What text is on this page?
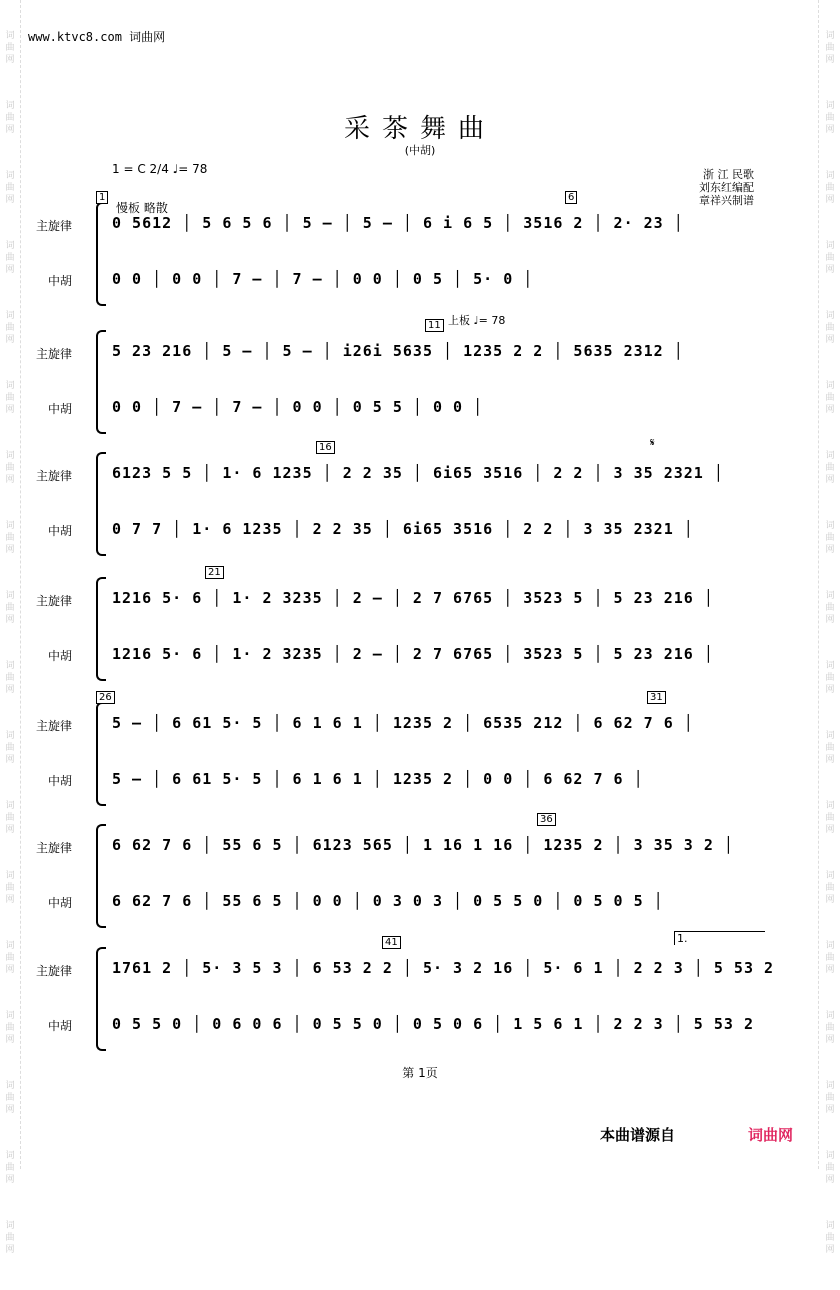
词
曲
网
词
曲
网
词
曲
网
词
曲
网
词
曲
网
词
曲
网
词
曲
网
词
曲
网
词
曲
网
词
曲
网
词
曲
网
词
曲
网
词
曲
网
词
曲
网
词
曲
网
词
曲
网
词
曲
网
词
曲
网
词
曲
网
词
曲
网
词
曲
网
词
曲
网
词
曲
网
词
曲
网
词
曲
网
词
曲
网
词
曲
网
词
曲
网
词
曲
网
词
曲
网
词
曲
网
词
曲
网
词
曲
网
词
曲
网
词
曲
网
词
曲
网
www.ktvc8.com 词曲网
采茶舞曲
(中胡)
1 = C 2/4 ♩= 78	浙 江 民歌
刘东红编配
章祥兴制谱
慢板 略散
主旋律
中胡
0 5612 │ 5 6 5 6 │ 5 – │ 5 – │ 6 i 6 5 │ 3516 2 │ 2· 23 │
0 0 │ 0 0 │ 7 – │ 7 – │ 0 0 │ 0 5 │ 5· 0 │
1	6
主旋律
中胡
5 23 216 │ 5 – │ 5 – │ i26i 5635 │ 1235 2 2 │ 5635 2312 │
0 0 │ 7 – │ 7 – │ 0 0 │ 0 5 5 │ 0 0 │
11
主旋律
中胡
6123 5 5 │ 1· 6 1235 │ 2 2 35 │ 6i65 3516 │ 2 2 │ 3 35 2321 │
0 7 7 │ 1· 6 1235 │ 2 2 35 │ 6i65 3516 │ 2 2 │ 3 35 2321 │
16
主旋律
中胡
1216 5· 6 │ 1· 2 3235 │ 2 – │ 2 7 6765 │ 3523 5 │ 5 23 216 │
1216 5· 6 │ 1· 2 3235 │ 2 – │ 2 7 6765 │ 3523 5 │ 5 23 216 │
21
主旋律
中胡
5 – │ 6 61 5· 5 │ 6 1 6 1 │ 1235 2 │ 6535 212 │ 6 62 7 6 │
5 – │ 6 61 5· 5 │ 6 1 6 1 │ 1235 2 │ 0 0 │ 6 62 7 6 │
26	31
主旋律
中胡
6 62 7 6 │ 55 6 5 │ 6123 565 │ 1 16 1 16 │ 1235 2 │ 3 35 3 2 │
6 62 7 6 │ 55 6 5 │ 0 0 │ 0 3 0 3 │ 0 5 5 0 │ 0 5 0 5 │
36
主旋律
中胡
1761 2 │ 5· 3 5 3 │ 6 53 2 2 │ 5· 3 2 16 │ 5· 6 1 │ 2 2 3 │ 5 53 2
0 5 5 0 │ 0 6 0 6 │ 0 5 5 0 │ 0 5 0 6 │ 1 5 6 1 │ 2 2 3 │ 5 53 2
41
上板 ♩= 78
𝄋
1.
第 1页
本曲谱源自	词曲网
